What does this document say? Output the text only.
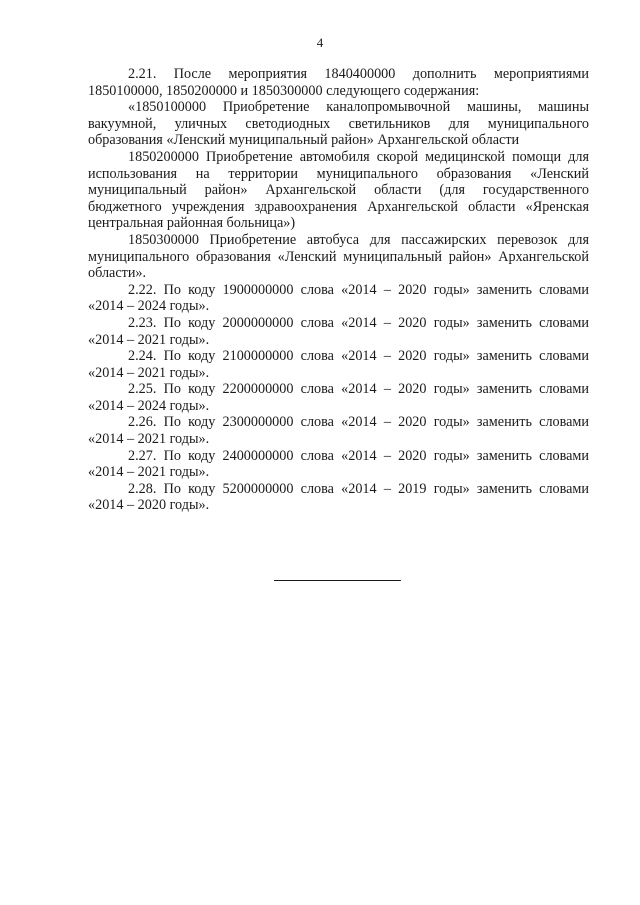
4

2.21. После мероприятия 1840400000 дополнить мероприятиями 1850100000, 1850200000 и 1850300000 следующего содержания:

«1850100000 Приобретение каналопромывочной машины, машины вакуумной, уличных светодиодных светильников для муниципального образования «Ленский муниципальный район» Архангельской области

1850200000 Приобретение автомобиля скорой медицинской помощи для использования на территории муниципального образования «Ленский муниципальный район» Архангельской области (для государственного бюджетного учреждения здравоохранения Архангельской области «Яренская центральная районная больница»)

1850300000 Приобретение автобуса для пассажирских перевозок для муниципального образования «Ленский муниципальный район» Архангельской области».

2.22. По коду 1900000000 слова «2014 – 2020 годы» заменить словами «2014 – 2024 годы».

2.23. По коду 2000000000 слова «2014 – 2020 годы» заменить словами «2014 – 2021 годы».

2.24. По коду 2100000000 слова «2014 – 2020 годы» заменить словами «2014 – 2021 годы».

2.25. По коду 2200000000 слова «2014 – 2020 годы» заменить словами «2014 – 2024 годы».

2.26. По коду 2300000000 слова «2014 – 2020 годы» заменить словами «2014 – 2021 годы».

2.27. По коду 2400000000 слова «2014 – 2020 годы» заменить словами «2014 – 2021 годы».

2.28. По коду 5200000000 слова «2014 – 2019 годы» заменить словами «2014 – 2020 годы».
